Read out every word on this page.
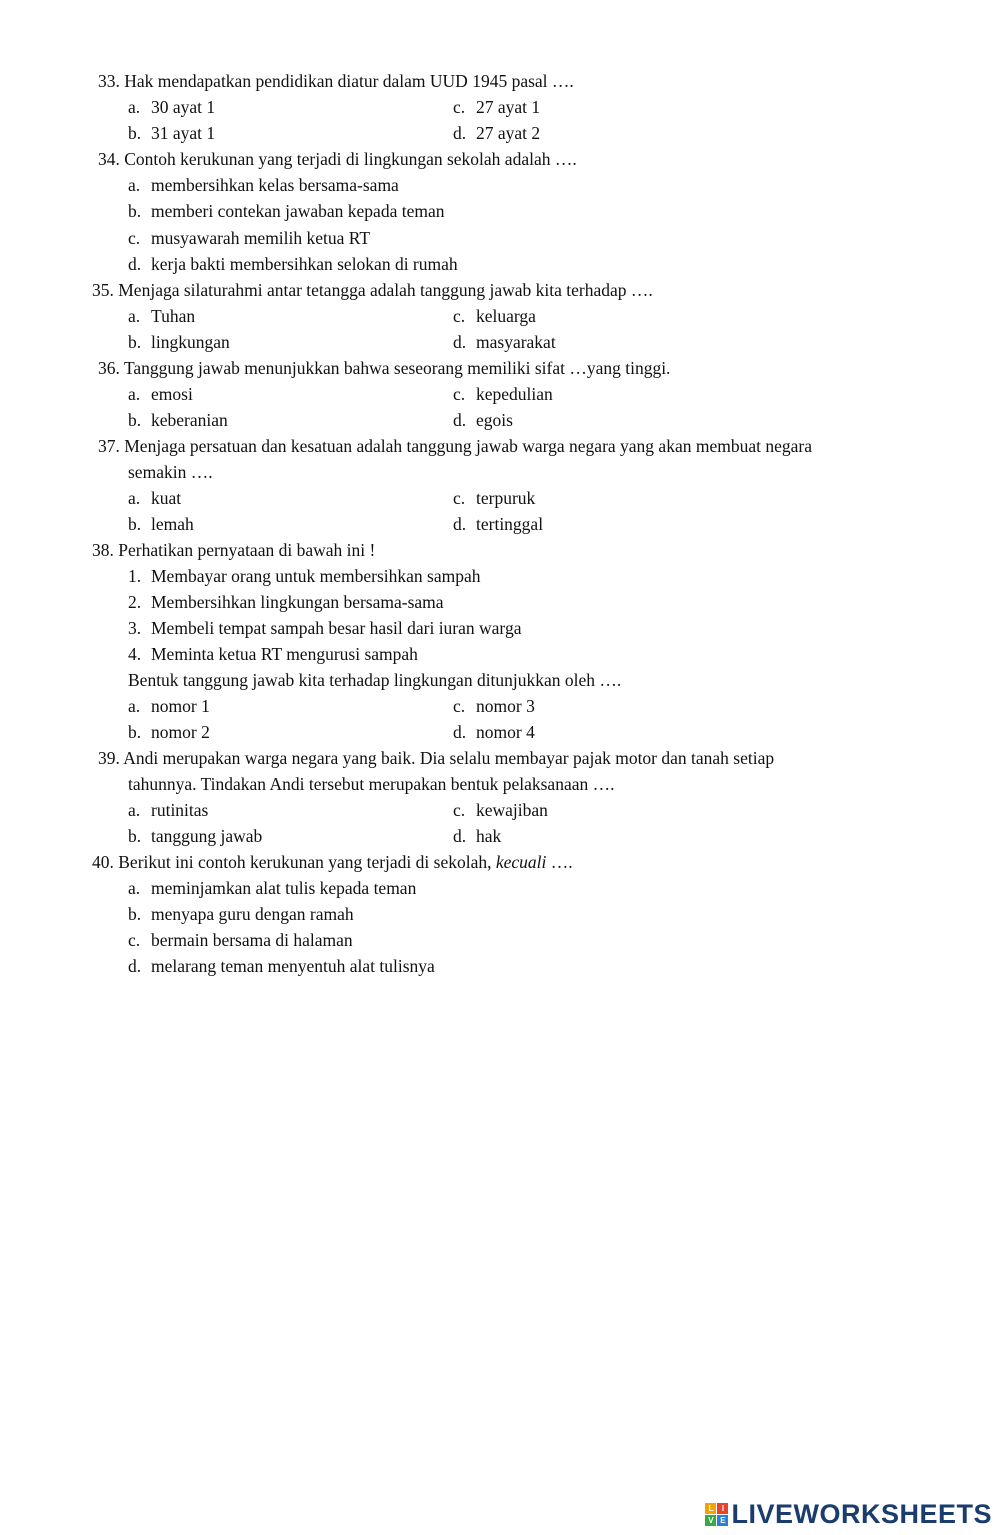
33. Hak mendapatkan pendidikan diatur dalam UUD 1945 pasal ….
a. 30 ayat 1	c. 27 ayat 1
b. 31 ayat 1	d. 27 ayat 2
34. Contoh kerukunan yang terjadi di lingkungan sekolah adalah ….
a. membersihkan kelas bersama-sama
b. memberi contekan jawaban kepada teman
c. musyawarah memilih ketua RT
d. kerja bakti membersihkan selokan di rumah
35. Menjaga silaturahmi antar tetangga adalah tanggung jawab kita terhadap ….
a. Tuhan	c. keluarga
b. lingkungan	d. masyarakat
36. Tanggung jawab menunjukkan bahwa seseorang memiliki sifat …yang tinggi.
a. emosi	c. kepedulian
b. keberanian	d. egois
37. Menjaga persatuan dan kesatuan adalah tanggung jawab warga negara yang akan membuat negara
semakin ….
a. kuat	c. terpuruk
b. lemah	d. tertinggal
38. Perhatikan pernyataan di bawah ini !
1. Membayar orang untuk membersihkan sampah
2. Membersihkan lingkungan bersama-sama
3. Membeli tempat sampah besar hasil dari iuran warga
4. Meminta ketua RT mengurusi sampah
Bentuk tanggung jawab kita terhadap lingkungan ditunjukkan oleh ….
a. nomor 1	c. nomor 3
b. nomor 2	d. nomor 4
39. Andi merupakan warga negara yang baik. Dia selalu membayar pajak motor dan tanah setiap
tahunnya. Tindakan Andi tersebut merupakan bentuk pelaksanaan ….
a. rutinitas	c. kewajiban
b. tanggung jawab	d. hak
40. Berikut ini contoh kerukunan yang terjadi di sekolah, kecuali ….
a. meminjamkan alat tulis kepada teman
b. menyapa guru dengan ramah
c. bermain bersama di halaman
d. melarang teman menyentuh alat tulisnya
L	I
V E LIVEWORKSHEETS
